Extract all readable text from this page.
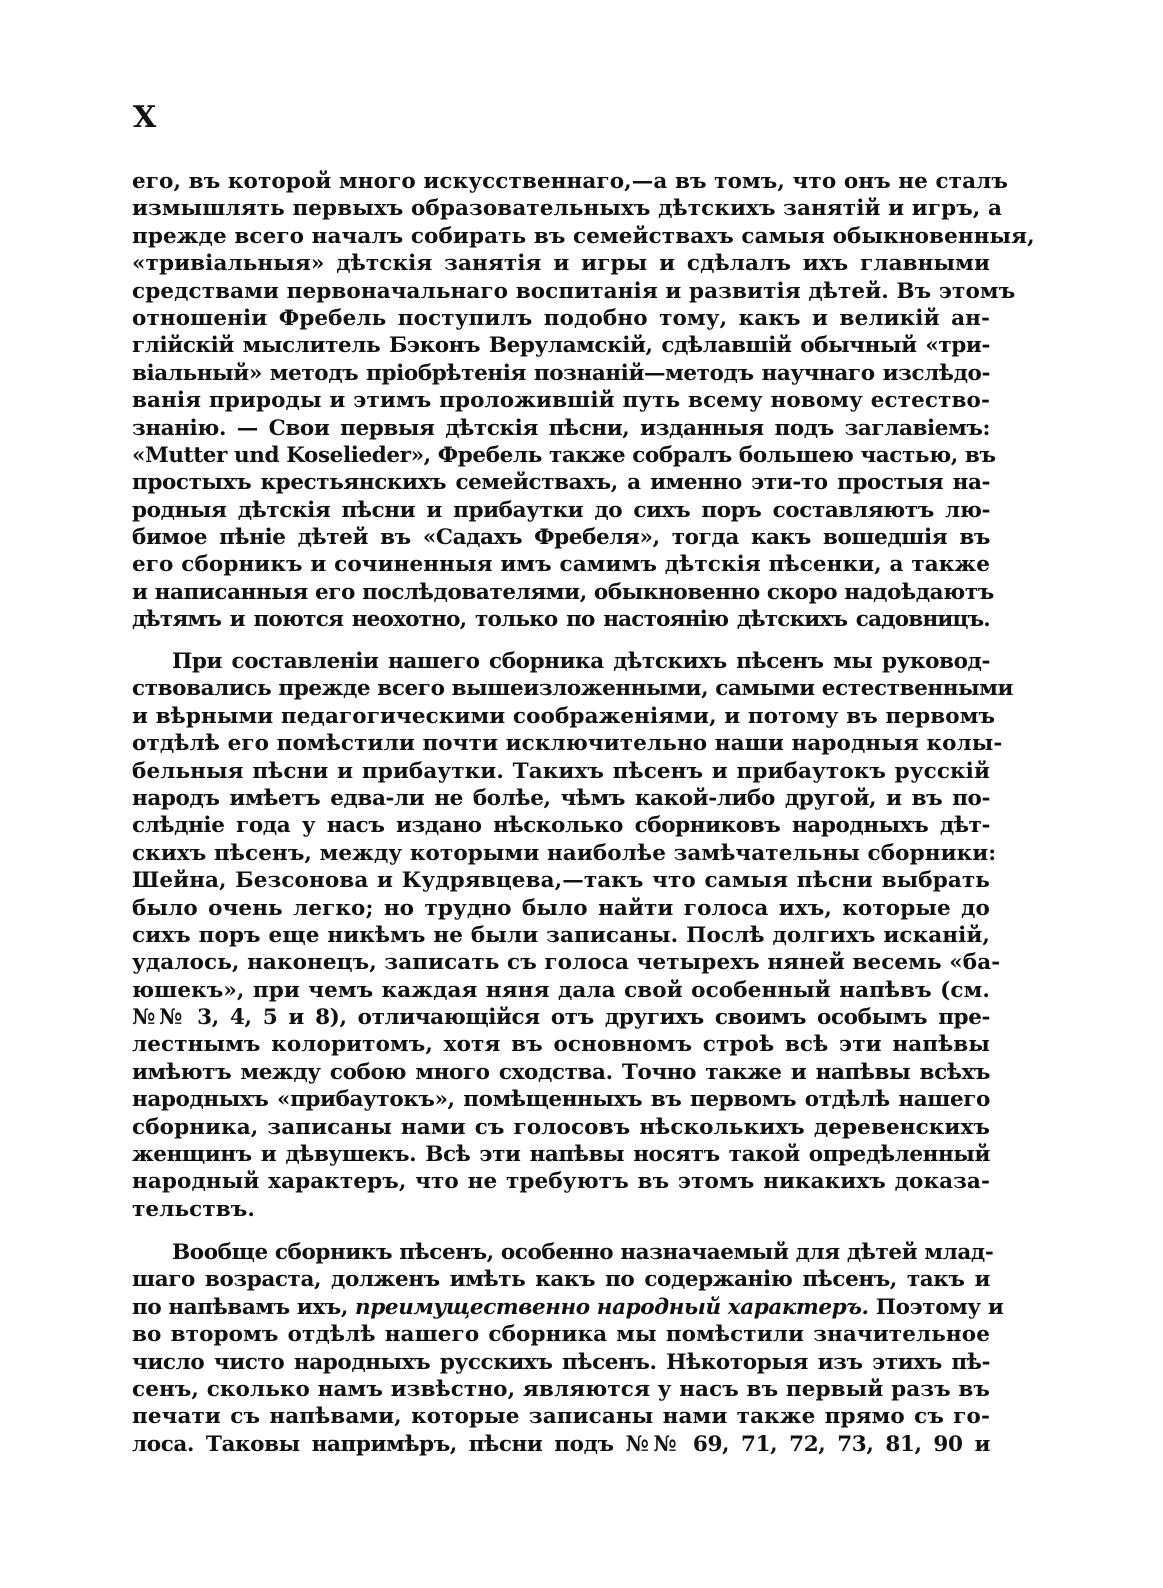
X
его, въ которой много искусственнаго,—а въ томъ, что онъ не сталъ
измышлять первыхъ образовательныхъ дѣтскихъ занятій и игръ, а
прежде всего началъ собирать въ семействахъ самыя обыкновенныя,
«тривіальныя» дѣтскія занятія и игры и сдѣлалъ ихъ главными
средствами первоначальнаго воспитанія и развитія дѣтей. Въ этомъ
отношеніи Фребель поступилъ подобно тому, какъ и великій ан-
глійскій мыслитель Бэконъ Веруламскій, сдѣлавшій обычный «три-
віальный» методъ пріобрѣтенія познаній—методъ научнаго изслѣдо-
ванія природы и этимъ проложившій путь всему новому естество-
знанію. — Свои первыя дѣтскія пѣсни, изданныя подъ заглавіемъ:
«Mutter und Koselieder», Фребель также собралъ большею частью, въ
простыхъ крестьянскихъ семействахъ, а именно эти-то простыя на-
родныя дѣтскія пѣсни и прибаутки до сихъ поръ составляютъ лю-
бимое пѣніе дѣтей въ «Садахъ Фребеля», тогда какъ вошедшія въ
его сборникъ и сочиненныя имъ самимъ дѣтскія пѣсенки, а также
и написанныя его послѣдователями, обыкновенно скоро надоѣдаютъ
дѣтямъ и поются неохотно, только по настоянію дѣтскихъ садовницъ.
При составленіи нашего сборника дѣтскихъ пѣсенъ мы руковод-
ствовались прежде всего вышеизложенными, самыми естественными
и вѣрными педагогическими соображеніями, и потому въ первомъ
отдѣлѣ его помѣстили почти исключительно наши народныя колы-
бельныя пѣсни и прибаутки. Такихъ пѣсенъ и прибаутокъ русскій
народъ имѣетъ едва-ли не болѣе, чѣмъ какой-либо другой, и въ по-
слѣдніе года у насъ издано нѣсколько сборниковъ народныхъ дѣт-
скихъ пѣсенъ, между которыми наиболѣе замѣчательны сборники:
Шейна, Безсонова и Кудрявцева,—такъ что самыя пѣсни выбрать
было очень легко; но трудно было найти голоса ихъ, которые до
сихъ поръ еще никѣмъ не были записаны. Послѣ долгихъ исканій,
удалось, наконецъ, записать съ голоса четырехъ няней весемь «ба-
юшекъ», при чемъ каждая няня дала свой особенный напѣвъ (см.
№№ 3, 4, 5 и 8), отличающійся отъ другихъ своимъ особымъ пре-
лестнымъ колоритомъ, хотя въ основномъ строѣ всѣ эти напѣвы
имѣютъ между собою много сходства. Точно также и напѣвы всѣхъ
народныхъ «прибаутокъ», помѣщенныхъ въ первомъ отдѣлѣ нашего
сборника, записаны нами съ голосовъ нѣсколькихъ деревенскихъ
женщинъ и дѣвушекъ. Всѣ эти напѣвы носятъ такой опредѣленный
народный характеръ, что не требуютъ въ этомъ никакихъ доказа-
тельствъ.
Вообще сборникъ пѣсенъ, особенно назначаемый для дѣтей млад-
шаго возраста, долженъ имѣть какъ по содержанію пѣсенъ, такъ и
по напѣвамъ ихъ, преимущественно народный характеръ. Поэтому и
во второмъ отдѣлѣ нашего сборника мы помѣстили значительное
число чисто народныхъ русскихъ пѣсенъ. Нѣкоторыя изъ этихъ пѣ-
сенъ, сколько намъ извѣстно, являются у насъ въ первый разъ въ
печати съ напѣвами, которые записаны нами также прямо съ го-
лоса. Таковы напримѣръ, пѣсни подъ №№ 69, 71, 72, 73, 81, 90 и
